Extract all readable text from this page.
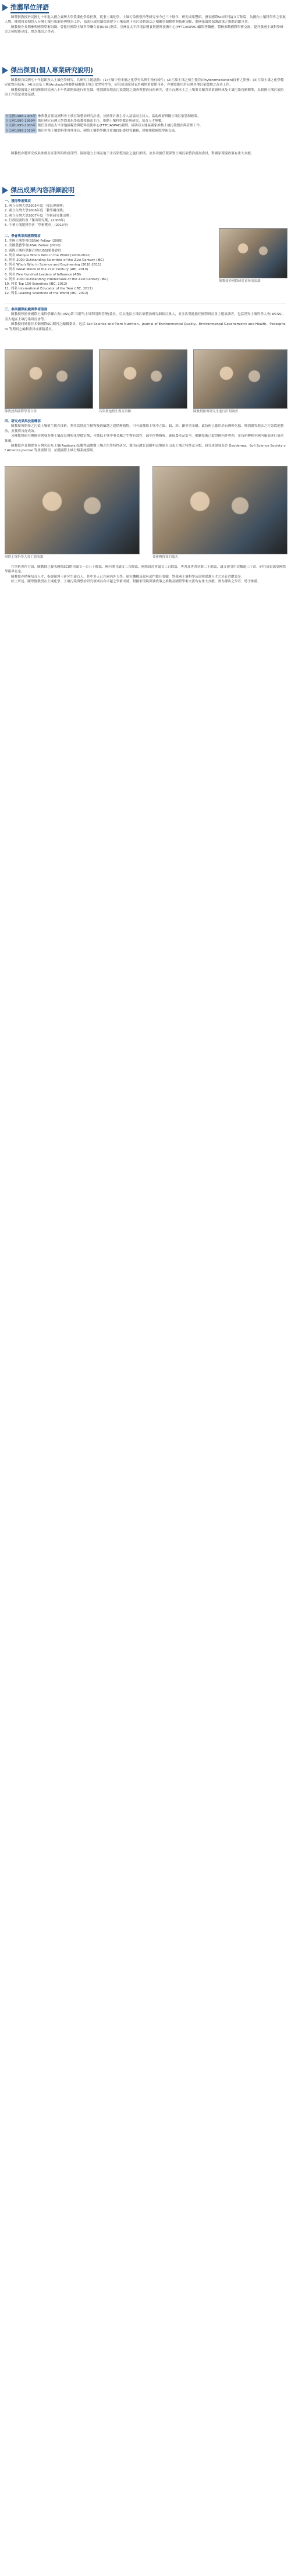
推薦單位評語

陳尊賢教授於民國七十年進入國立臺灣大學農業化學系任教，從事土壤化學、土壤污染與整治等研究至今已三十餘年，研究成果豐碩，發表國際SCI期刊論文百餘篇，為國內土壤科學界之領航人物。陳教授長期投入台灣土壤污染調查與整治工作，協助行政院環保署建立土壤及地下水污染整治法之相關管制標準與技術規範，對國家環境保護政策之推動貢獻卓著。

陳教授亦長期參與國際學術組織，曾擔任國際土壤科學聯合會(IUSS)委員、亞洲及太平洋地區糧食與肥料技術中心(FFTC/ASPAC)顧問等職務，積極推動國際學術交流，提升我國土壤科學研究之國際能見度，實為傑出之學者。

傑出傑貢(個人專業研究說明)

陳教授自民國七十年起即投入土壤化學研究，其研究主題涵蓋：(1)土壤中重金屬之化學行為與生物有效性；(2)污染土壤之植生復育(Phytoremediation)技術之開發；(3)污染土壤之化學穩定化整治技術；(4)火山灰土壤(Andisols)與酸性硫酸鹽土壤之化學特性等。研究成果除發表於國際重要期刊外，亦實際應用於台灣各地污染農地之改善工作。

陳教授領導之研究團隊於民國八十年代即開始進行彰化縣、桃園縣等地區污染農地之調查與整治技術研究，建立台灣本土之土壤重金屬背景值資料庫及土壤污染管制標準，為我國土壤污染防治工作奠定重要基礎。

自民國1988-2005年 參與教育部及國科會土壤污染整治研究計畫，並擔任計畫主持人及協同主持人，協助政府研擬土壤污染管制政策。
自民國1990-1999年 擔任國立台灣大學農業化學系教授兼系主任，推動土壤科學教育與研究，培育人才無數。
自民國1995-2005年 擔任亞洲及太平洋地區糧食與肥料技術中心(FFTC/ASPAC)顧問，協助亞太地區國家推動土壤污染整治與管理工作。
自民國1998-2010年 擔任中華土壤肥料學會理事長、國際土壤科學聯合會(IUSS)委員等職務，積極推動國際學術交流。

陳教授亦將研究成果推廣至產業界與政府部門，協助建立土壤及地下水污染整治法之施行細則，並多次擔任環保署土壤污染整治諮詢委員，對國家環境政策有重大貢獻。

傑出成果內容詳細說明
一、獲得學術獎項
1. 國立台灣大學2005年度「優良導師獎」
2. 國立台灣大學2006年度「教學優良獎」
3. 國立台灣大學2007年度「學術研究傑出獎」
4. 行政院國科會「傑出研究獎」(2008年)
5. 中華土壤肥料學會「學術獎章」(2010年)
陳教授於國際研討會發表演講
二、學會獎章與國際獎項
1. 美國土壤學會(SSSA) Fellow (2009)
2. 美國農藝學會(ASA) Fellow (2010)
3. 國際土壤科學聯合會(IUSS)榮譽會員
4. 列名 Marquis Who's Who in the World (2009-2012)
5. 列名 2000 Outstanding Scientists of the 21st Century (IBC)
6. 列名 Who's Who in Science and Engineering (2010-2011)
7. 列名 Great Minds of the 21st Century (ABI, 2010)
8. 列名 Five Hundred Leaders of Influence (ABI)
9. 列名 2000 Outstanding Intellectuals of the 21st Century (IBC)
10. 列名 Top 100 Scientists (IBC, 2012)
11. 列名 International Educator of the Year (IBC, 2012)
12. 列名 Leading Scientists of the World (IBC, 2012)
三、參與國際組織與學術服務

陳教授曾擔任國際土壤科學聯合會(IUSS)第三部門(土壤利用與管理)委員、亞太地區土壤污染整治研究網絡召集人，並多次受邀擔任國際研討會主題演講者，包括世界土壤科學大會(WCSS)、亞太地區土壤污染研討會等。

陳教授同時擔任多個國際SCI期刊之編輯委員，包括 Soil Science and Plant Nutrition、Journal of Environmental Quality、Environmental Geochemistry and Health、Pedosphere 等期刊之編輯委員或審稿委員。

陳教授與國際學者合影	污染農地植生復育試驗	陳教授指導研究生進行田間調查
四、研究成果與技術轉移

陳教授所開發之污染土壤植生復育技術，利用當地原生植物及經篩選之超積聚植物，可有效移除土壤中之鎘、鉛、鋅、銅等重金屬。此技術已應用於台灣彰化縣、桃園縣等地區之污染農地整治，並獲得良好成效。

另陳教授研究團隊亦開發多種土壤改良劑與化學穩定劑，可降低土壤中重金屬之生物有效性，減少作物吸收，確保農產品安全。相關技術已取得國內外專利，並技術轉移至國內廠商進行量產推廣。

陳教授亦長期從事台灣火山灰土壤(Andisols)及酸性硫酸鹽土壤之化學特性研究，釐清台灣北部陽明山地區火山灰土壤之特性及分類，研究成果發表於 Geoderma、Soil Science Society of America Journal 等重要期刊，並獲國際土壤分類系統採用。

國際土壤科學大會主題演講	技術轉移簽約儀式

在學術著作方面，陳教授已發表國際SCI期刊論文一百五十餘篇、國內期刊論文二百餘篇、國際研討會論文三百餘篇，專書及專書章節二十餘篇，論文被引用次數逾三千次，研究成果深受國際學術界肯定。

陳教授亦積極培育人才，指導碩博士研究生逾百人，其中多人已在國內外大學、研究機構及政府部門擔任要職，對我國土壤科學及環境保護人才之培育貢獻良多。

綜上所述，陳尊賢教授在土壤化學、土壤污染與整治研究領域具有卓越之學術成就，對國家環境保護政策之推動及國際學術交流均有重大貢獻，實為傑出之學者，特予推薦。
